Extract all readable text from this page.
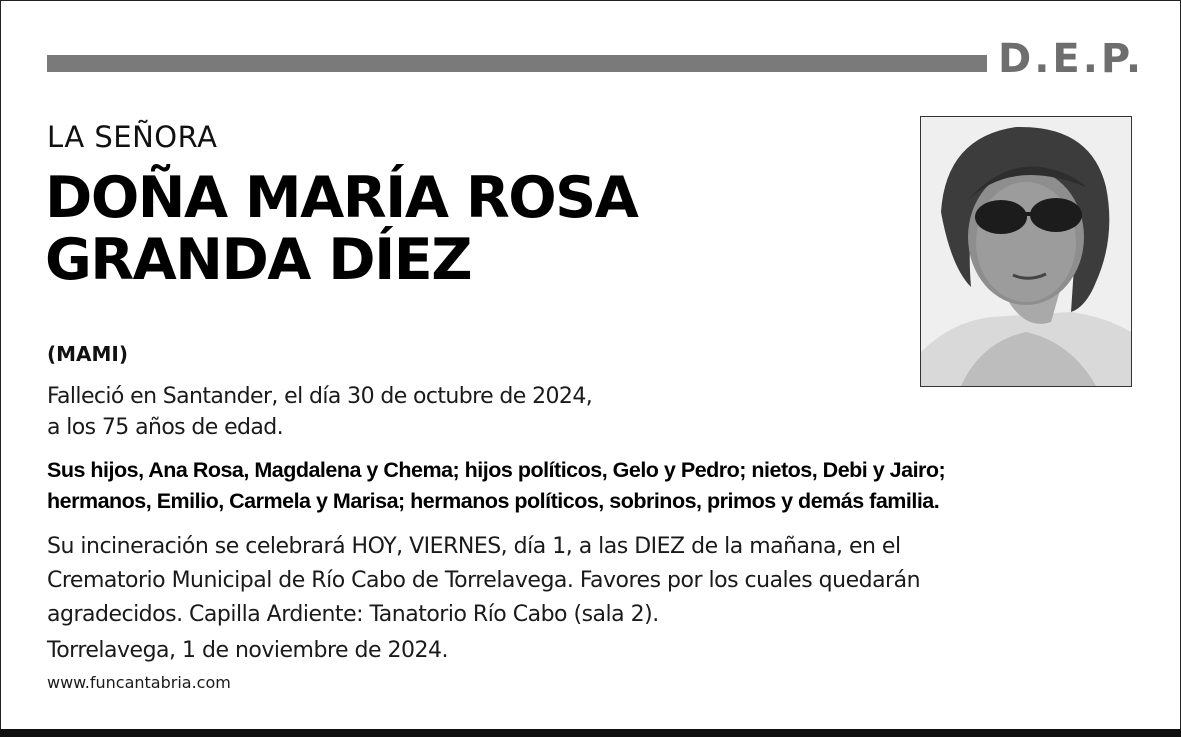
D.E.P.
LA SEÑORA
DOÑA MARÍA ROSA
GRANDA DÍEZ
(MAMI)
Falleció en Santander, el día 30 de octubre de 2024,
a los 75 años de edad.
Sus hijos, Ana Rosa, Magdalena y Chema; hijos políticos, Gelo y Pedro; nietos, Debi y Jairo;
hermanos, Emilio, Carmela y Marisa; hermanos políticos, sobrinos, primos y demás familia.
Su incineración se celebrará HOY, VIERNES, día 1, a las DIEZ de la mañana, en el
Crematorio Municipal de Río Cabo de Torrelavega. Favores por los cuales quedarán
agradecidos. Capilla Ardiente: Tanatorio Río Cabo (sala 2).
Torrelavega, 1 de noviembre de 2024.
www.funcantabria.com
